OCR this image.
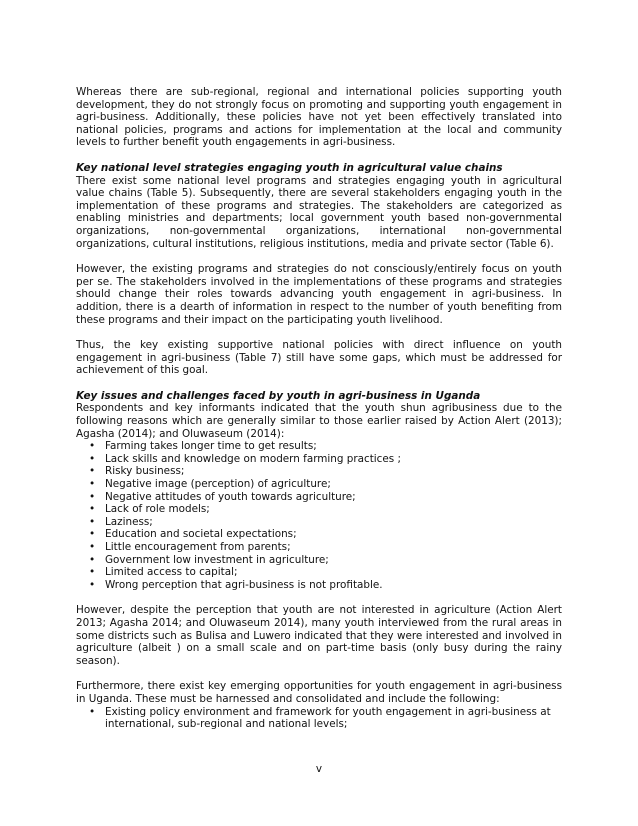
Whereas there are sub-regional, regional and international policies supporting youth development, they do not strongly focus on promoting and supporting youth engagement in agri-business. Additionally, these policies have not yet been effectively translated into national policies, programs and actions for implementation at the local and community levels to further benefit youth engagements in agri-business.

Key national level strategies engaging youth in agricultural value chains

There exist some national level programs and strategies engaging youth in agricultural value chains (Table 5). Subsequently, there are several stakeholders engaging youth in the implementation of these programs and strategies. The stakeholders are categorized as enabling ministries and departments; local government youth based non-governmental organizations, non-governmental organizations, international non-governmental organizations, cultural institutions, religious institutions, media and private sector (Table 6).

However, the existing programs and strategies do not consciously/entirely focus on youth per se. The stakeholders involved in the implementations of these programs and strategies should change their roles towards advancing youth engagement in agri-business. In addition, there is a dearth of information in respect to the number of youth benefiting from these programs and their impact on the participating youth livelihood.

Thus, the key existing supportive national policies with direct influence on youth engagement in agri-business (Table 7) still have some gaps, which must be addressed for achievement of this goal.

Key issues and challenges faced by youth in agri-business in Uganda

Respondents and key informants indicated that the youth shun agribusiness due to the following reasons which are generally similar to those earlier raised by Action Alert (2013); Agasha (2014); and Oluwaseum (2014):

• Farming takes longer time to get results;
• Lack skills and knowledge on modern farming practices ;
• Risky business;
• Negative image (perception) of agriculture;
• Negative attitudes of youth towards agriculture;
• Lack of role models;
• Laziness;
• Education and societal expectations;
• Little encouragement from parents;
• Government low investment in agriculture;
• Limited access to capital;
• Wrong perception that agri-business is not profitable.

However, despite the perception that youth are not interested in agriculture (Action Alert 2013; Agasha 2014; and Oluwaseum 2014), many youth interviewed from the rural areas in some districts such as Bulisa and Luwero indicated that they were interested and involved in agriculture (albeit ) on a small scale and on part-time basis (only busy during the rainy season).

Furthermore, there exist key emerging opportunities for youth engagement in agri-business in Uganda. These must be harnessed and consolidated and include the following:

• Existing policy environment and framework for youth engagement in agri-business at international, sub-regional and national levels;
v
